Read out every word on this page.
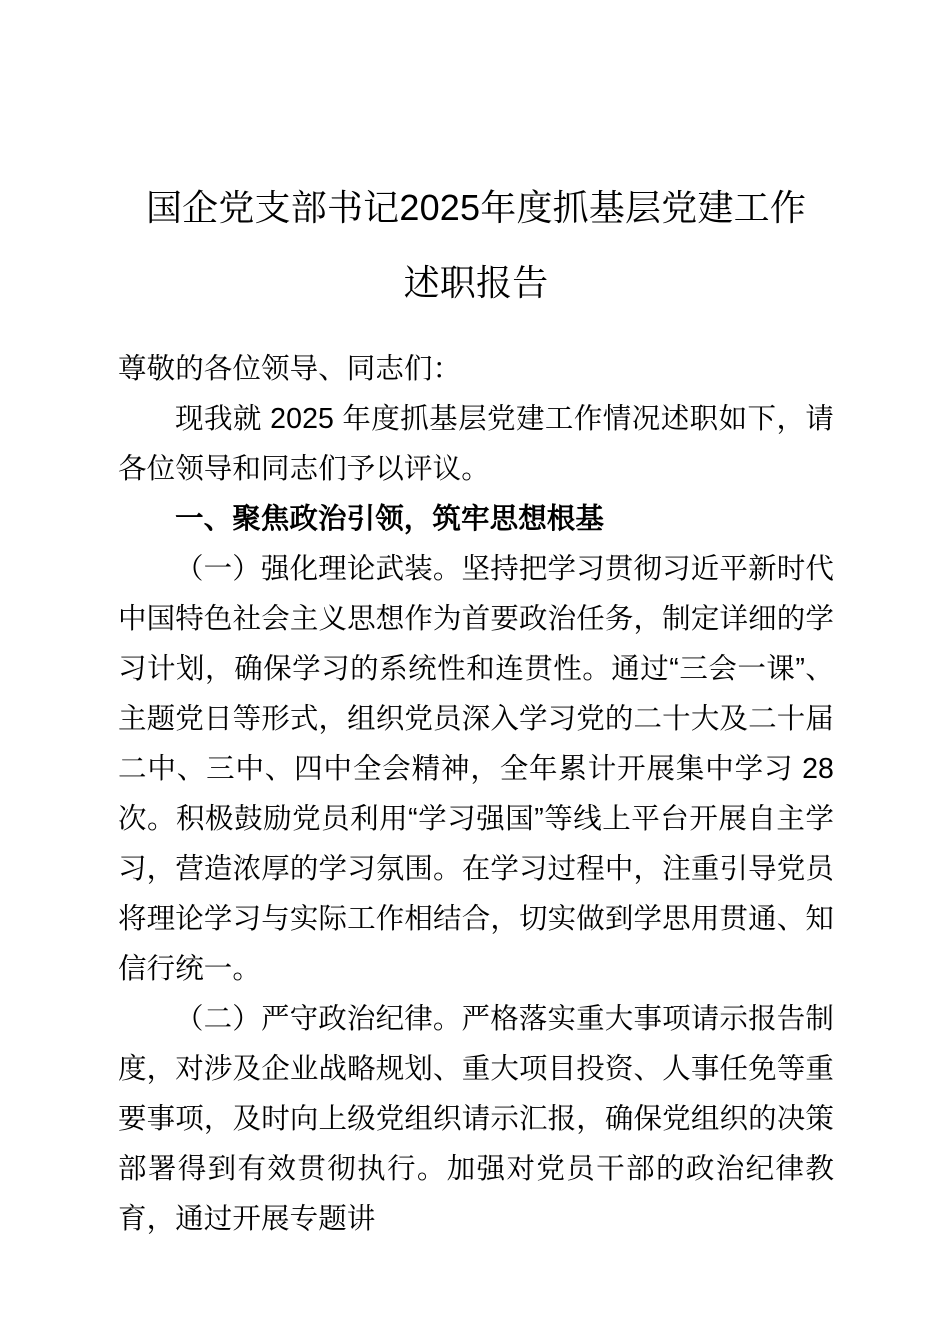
国企党支部书记2025年度抓基层党建工作
述职报告

尊敬的各位领导、同志们：

现我就 2025 年度抓基层党建工作情况述职如下，请各位领导和同志们予以评议。

一、聚焦政治引领，筑牢思想根基

（一）强化理论武装。坚持把学习贯彻习近平新时代中国特色社会主义思想作为首要政治任务，制定详细的学习计划，确保学习的系统性和连贯性。通过“三会一课”、主题党日等形式，组织党员深入学习党的二十大及二十届二中、三中、四中全会精神，全年累计开展集中学习 28 次。积极鼓励党员利用“学习强国”等线上平台开展自主学习，营造浓厚的学习氛围。在学习过程中，注重引导党员将理论学习与实际工作相结合，切实做到学思用贯通、知信行统一。

（二）严守政治纪律。严格落实重大事项请示报告制度，对涉及企业战略规划、重大项目投资、人事任免等重要事项，及时向上级党组织请示汇报，确保党组织的决策部署得到有效贯彻执行。加强对党员干部的政治纪律教育，通过开展专题讲
